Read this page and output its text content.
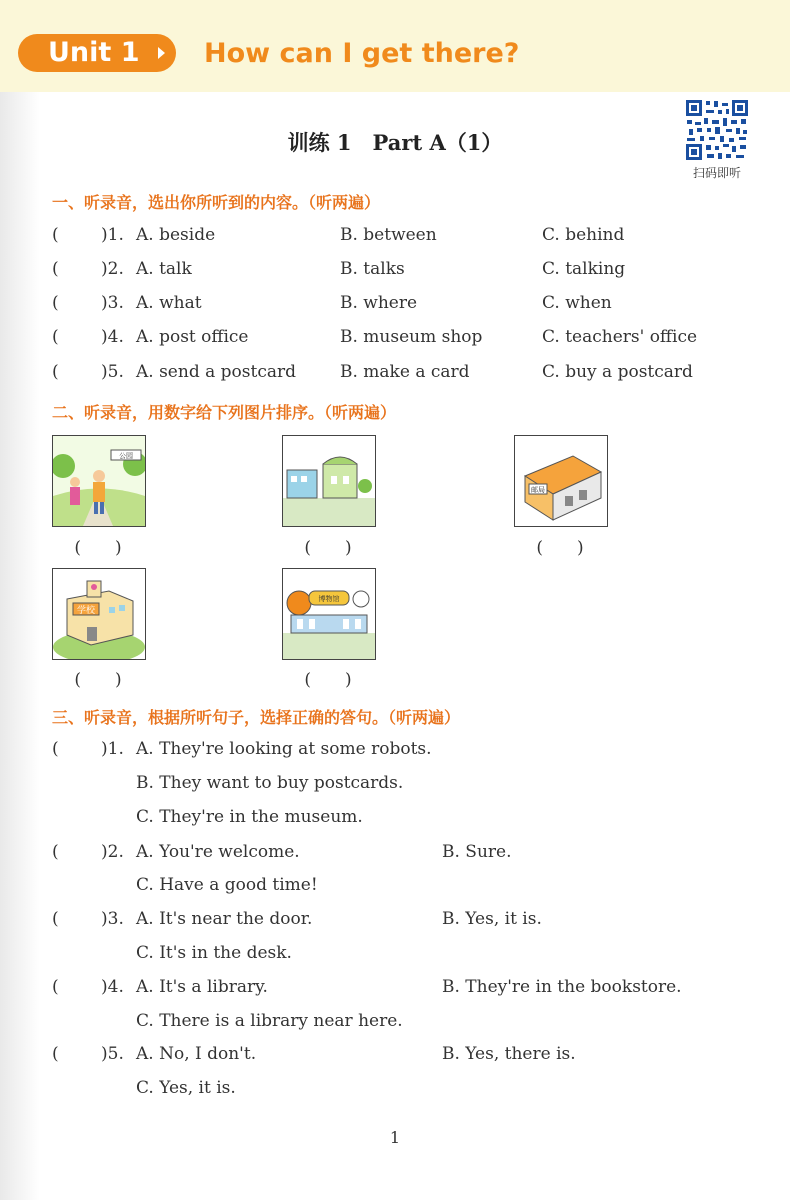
Unit 1	How can I get there?
训练 1　Part A（1）
扫码即听
一、听录音，选出你所听到的内容。（听两遍）
( )1. A. beside	B. between	C. behind
( )2. A. talk	B. talks	C. talking
( )3. A. what	B. where	C. when
( )4. A. post office	B. museum shop	C. teachers' office
( )5. A. send a postcard	B. make a card	C. buy a postcard
二、听录音，用数字给下列图片排序。（听两遍）
公园
(　　)	(　　)
邮局
(　　)
学校
(　　)
博物馆
(　　)
三、听录音，根据所听句子，选择正确的答句。（听两遍）
( )1. A. They're looking at some robots.
B. They want to buy postcards.
C. They're in the museum.
( )2. A. You're welcome.	B. Sure.
C. Have a good time!
( )3. A. It's near the door.	B. Yes, it is.
C. It's in the desk.
( )4. A. It's a library.	B. They're in the bookstore.
C. There is a library near here.
( )5. A. No, I don't.	B. Yes, there is.
C. Yes, it is.
1
